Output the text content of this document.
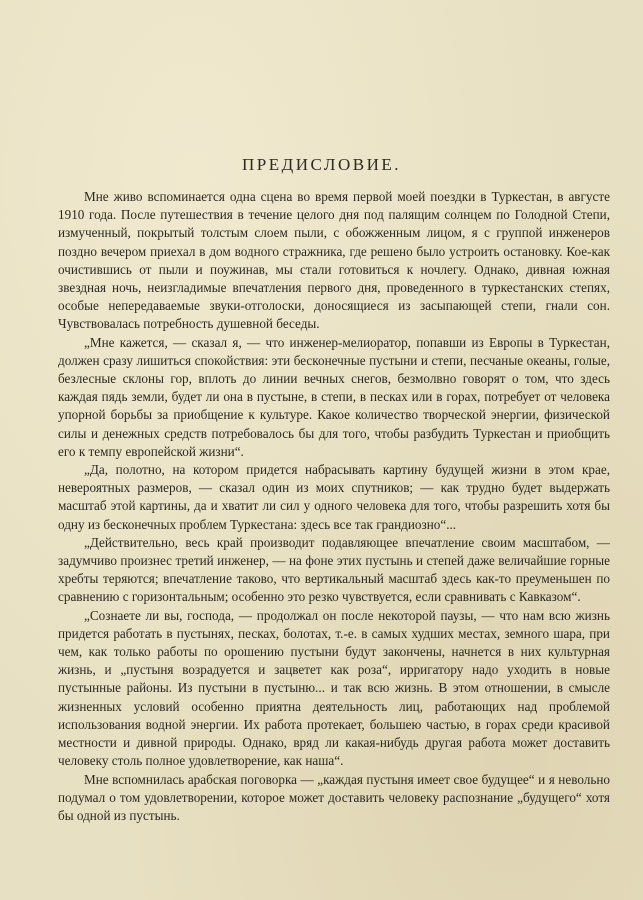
ПРЕДИСЛОВИЕ.

Мне живо вспоминается одна сцена во время первой моей поездки в Туркестан, в августе 1910 года. После путешествия в течение целого дня под палящим солнцем по Голодной Степи, измученный, покрытый толстым слоем пыли, с обожженным лицом, я с группой инженеров поздно вечером приехал в дом водного стражника, где решено было устроить остановку. Кое-как очистившись от пыли и поужинав, мы стали готовиться к ночлегу. Однако, дивная южная звездная ночь, неизгладимые впечатления первого дня, проведенного в туркестанских степях, особые непередаваемые звуки-отголоски, доносящиеся из засыпающей степи, гнали сон. Чувствовалась потребность душевной беседы.

„Мне кажется, — сказал я, — что инженер-мелиоратор, попавши из Европы в Туркестан, должен сразу лишиться спокойствия: эти бесконечные пустыни и степи, песчаные океаны, голые, безлесные склоны гор, вплоть до линии вечных снегов, безмолвно говорят о том, что здесь каждая пядь земли, будет ли она в пустыне, в степи, в песках или в горах, потребует от человека упорной борьбы за приобщение к культуре. Какое количество творческой энергии, физической силы и денежных средств потребовалось бы для того, чтобы разбудить Туркестан и приобщить его к темпу европейской жизни“.

„Да, полотно, на котором придется набрасывать картину будущей жизни в этом крае, невероятных размеров, — сказал один из моих спутников; — как трудно будет выдержать масштаб этой картины, да и хватит ли сил у одного человека для того, чтобы разрешить хотя бы одну из бесконечных проблем Туркестана: здесь все так грандиозно“...

„Действительно, весь край производит подавляющее впечатление своим масштабом, — задумчиво произнес третий инженер, — на фоне этих пустынь и степей даже величайшие горные хребты теряются; впечатление таково, что вертикальный масштаб здесь как-то преуменьшен по сравнению с горизонтальным; особенно это резко чувствуется, если сравнивать с Кавказом“.

„Сознаете ли вы, господа, — продолжал он после некоторой паузы, — что нам всю жизнь придется работать в пустынях, песках, болотах, т.-е. в самых худших местах, земного шара, при чем, как только работы по орошению пустыни будут закончены, начнется в них культурная жизнь, и „пустыня возрадуется и зацветет как роза“, ирригатору надо уходить в новые пустынные районы. Из пустыни в пустыню... и так всю жизнь. В этом отношении, в смысле жизненных условий особенно приятна деятельность лиц, работающих над проблемой использования водной энергии. Их работа протекает, большею частью, в горах среди красивой местности и дивной природы. Однако, вряд ли какая-нибудь другая работа может доставить человеку столь полное удовлетворение, как наша“.

Мне вспомнилась арабская поговорка — „каждая пустыня имеет свое будущее“ и я невольно подумал о том удовлетворении, которое может доставить человеку распознание „будущего“ хотя бы одной из пустынь.
